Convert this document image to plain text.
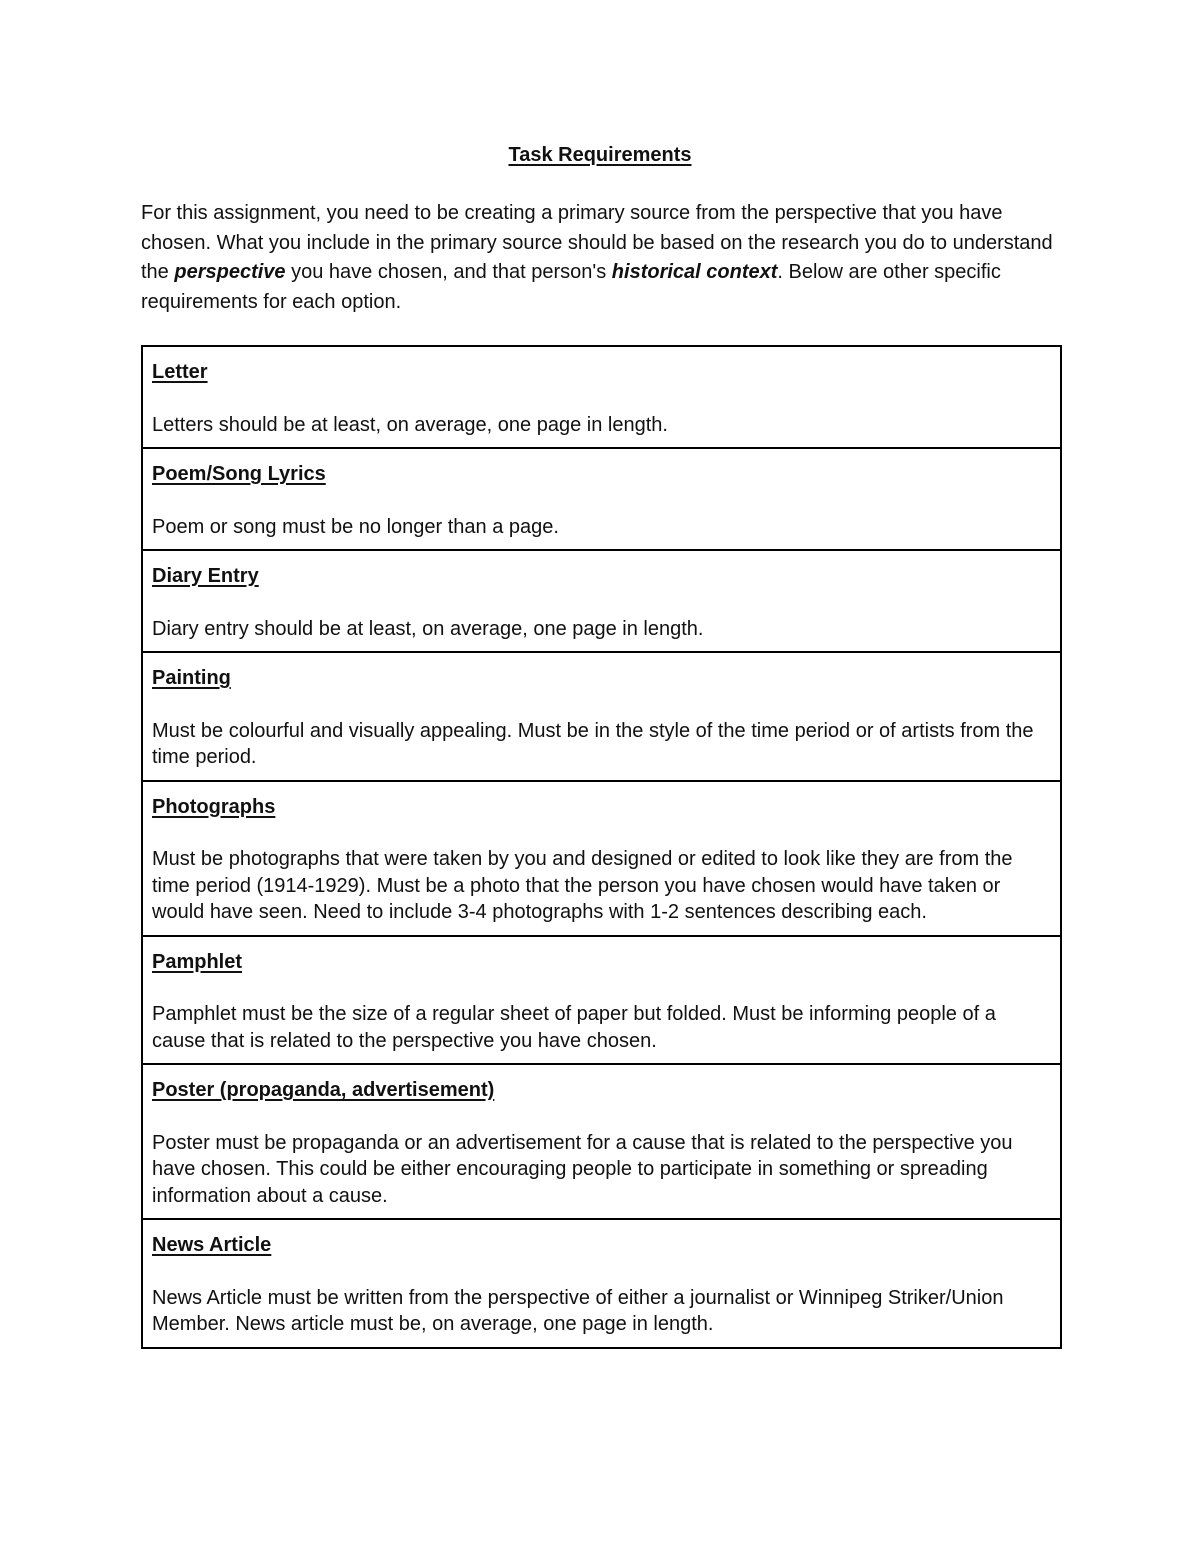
Task Requirements

For this assignment, you need to be creating a primary source from the perspective that you have chosen. What you include in the primary source should be based on the research you do to understand the perspective you have chosen, and that person's historical context. Below are other specific requirements for each option.

Letter

Letters should be at least, on average, one page in length.

Poem/Song Lyrics

Poem or song must be no longer than a page.

Diary Entry

Diary entry should be at least, on average, one page in length.

Painting

Must be colourful and visually appealing. Must be in the style of the time period or of artists from the time period.

Photographs

Must be photographs that were taken by you and designed or edited to look like they are from the time period (1914-1929). Must be a photo that the person you have chosen would have taken or would have seen. Need to include 3-4 photographs with 1-2 sentences describing each.

Pamphlet

Pamphlet must be the size of a regular sheet of paper but folded. Must be informing people of a cause that is related to the perspective you have chosen.

Poster (propaganda, advertisement)

Poster must be propaganda or an advertisement for a cause that is related to the perspective you have chosen. This could be either encouraging people to participate in something or spreading information about a cause.

News Article

News Article must be written from the perspective of either a journalist or Winnipeg Striker/Union Member. News article must be, on average, one page in length.
